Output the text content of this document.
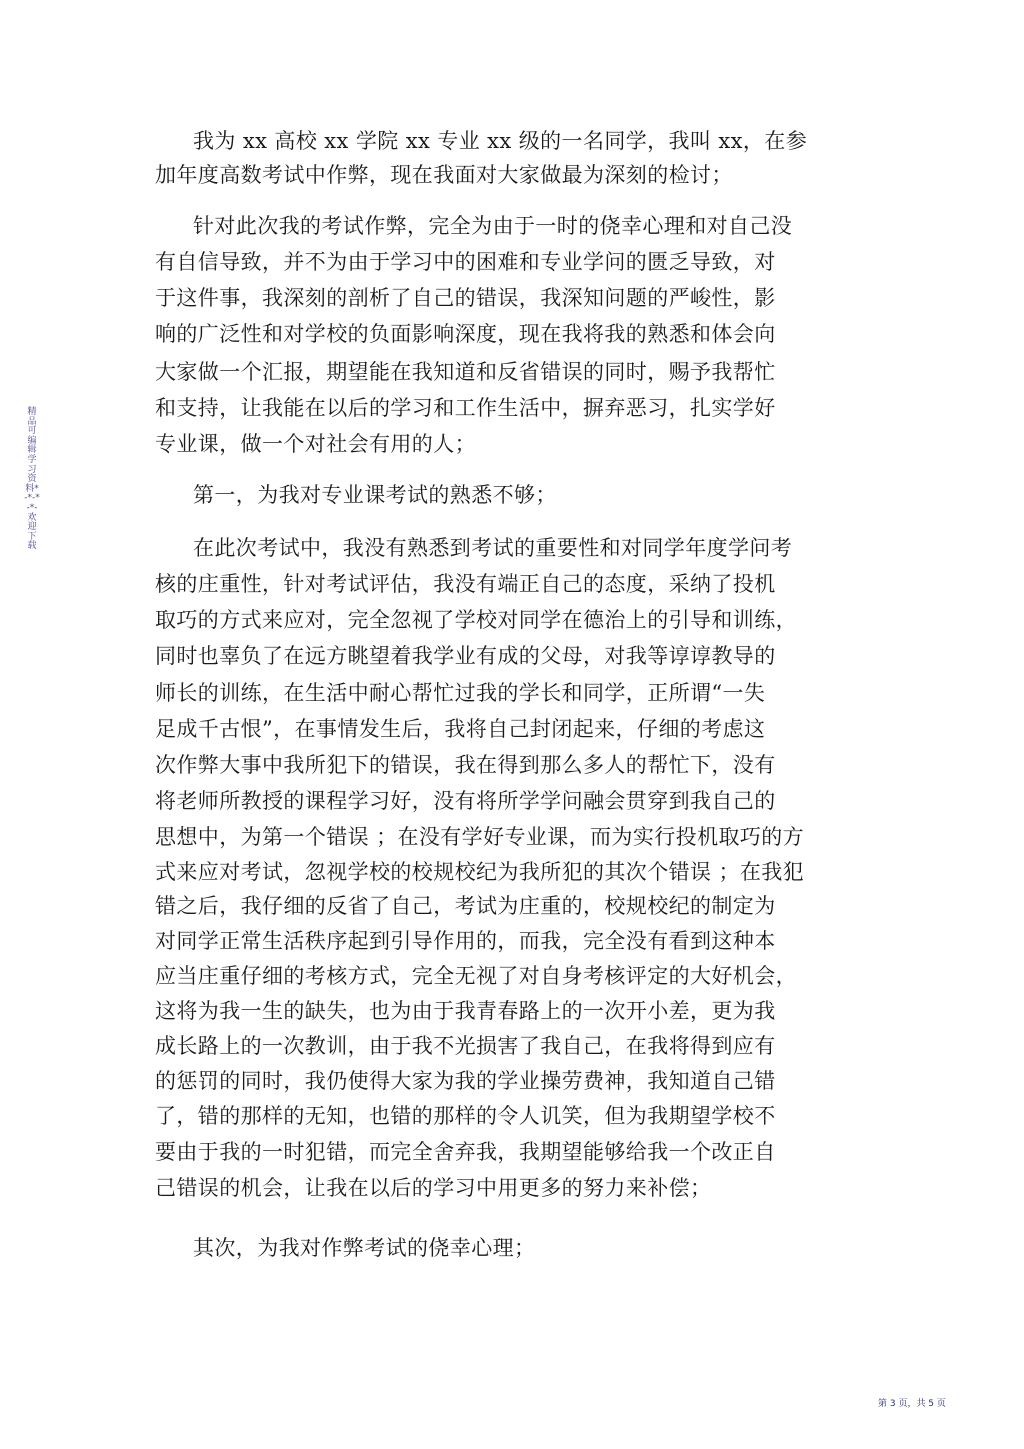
精品可编辑学习资料*-*-*-*-欢迎下载
我为 xx 高校 xx 学院 xx 专业 xx 级的一名同学，我叫 xx，在参
加年度高数考试中作弊，现在我面对大家做最为深刻的检讨；
针对此次我的考试作弊，完全为由于一时的侥幸心理和对自己没
有自信导致，并不为由于学习中的困难和专业学问的匮乏导致，对
于这件事，我深刻的剖析了自己的错误，我深知问题的严峻性，影
响的广泛性和对学校的负面影响深度，现在我将我的熟悉和体会向
大家做一个汇报，期望能在我知道和反省错误的同时，赐予我帮忙
和支持，让我能在以后的学习和工作生活中，摒弃恶习，扎实学好
专业课，做一个对社会有用的人；
第一，为我对专业课考试的熟悉不够；
在此次考试中，我没有熟悉到考试的重要性和对同学年度学问考
核的庄重性，针对考试评估，我没有端正自己的态度，采纳了投机
取巧的方式来应对，完全忽视了学校对同学在德治上的引导和训练，
同时也辜负了在远方眺望着我学业有成的父母，对我等谆谆教导的
师长的训练，在生活中耐心帮忙过我的学长和同学，正所谓“一失
足成千古恨”，在事情发生后，我将自己封闭起来，仔细的考虑这
次作弊大事中我所犯下的错误，我在得到那么多人的帮忙下，没有
将老师所教授的课程学习好，没有将所学学问融会贯穿到我自己的
思想中，为第一个错误 ；在没有学好专业课，而为实行投机取巧的方
式来应对考试，忽视学校的校规校纪为我所犯的其次个错误 ；在我犯
错之后，我仔细的反省了自己，考试为庄重的，校规校纪的制定为
对同学正常生活秩序起到引导作用的，而我，完全没有看到这种本
应当庄重仔细的考核方式，完全无视了对自身考核评定的大好机会，
这将为我一生的缺失，也为由于我青春路上的一次开小差，更为我
成长路上的一次教训，由于我不光损害了我自己，在我将得到应有
的惩罚的同时，我仍使得大家为我的学业操劳费神，我知道自己错
了，错的那样的无知，也错的那样的令人讥笑，但为我期望学校不
要由于我的一时犯错，而完全舍弃我，我期望能够给我一个改正自
己错误的机会，让我在以后的学习中用更多的努力来补偿；
其次，为我对作弊考试的侥幸心理；
第 3 页，共 5 页
